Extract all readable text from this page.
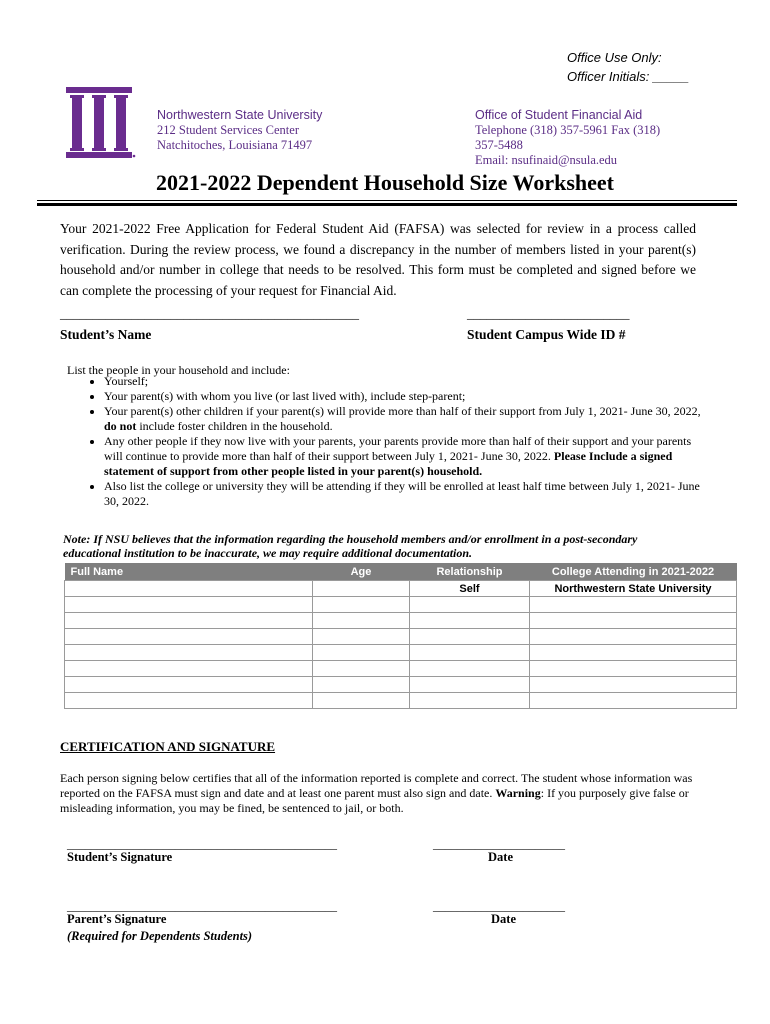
Office Use Only:
Officer Initials: _____
Northwestern State University
212 Student Services Center
Natchitoches, Louisiana 71497
Office of Student Financial Aid
Telephone (318) 357-5961 Fax (318) 357-5488
Email: nsufinaid@nsula.edu
2021-2022 Dependent Household Size Worksheet
Your 2021-2022 Free Application for Federal Student Aid (FAFSA) was selected for review in a process called verification. During the review process, we found a discrepancy in the number of members listed in your parent(s) household and/or number in college that needs to be resolved. This form must be completed and signed before we can complete the processing of your request for Financial Aid.
______________________________________________
Student’s Name
_________________________
Student Campus Wide ID #
List the people in your household and include:
• Yourself;
• Your parent(s) with whom you live (or last lived with), include step-parent;
• Your parent(s) other children if your parent(s) will provide more than half of their support from July 1, 2021- June 30, 2022, do not include foster children in the household.
• Any other people if they now live with your parents, your parents provide more than half of their support and your parents will continue to provide more than half of their support between July 1, 2021- June 30, 2022. Please Include a signed statement of support from other people listed in your parent(s) household.
• Also list the college or university they will be attending if they will be enrolled at least half time between July 1, 2021- June 30, 2022.
Note: If NSU believes that the information regarding the household members and/or enrollment in a post-secondary educational institution to be inaccurate, we may require additional documentation.
Full Name	Age	Relationship	College Attending in 2021-2022
		Self	Northwestern State University

CERTIFICATION AND SIGNATURE
Each person signing below certifies that all of the information reported is complete and correct. The student whose information was reported on the FAFSA must sign and date and at least one parent must also sign and date. Warning: If you purposely give false or misleading information, you may be fined, be sentenced to jail, or both.
_____________________________________________
Student’s Signature
______________________
Date
_____________________________________________
Parent’s Signature
(Required for Dependents Students)
______________________
Date
